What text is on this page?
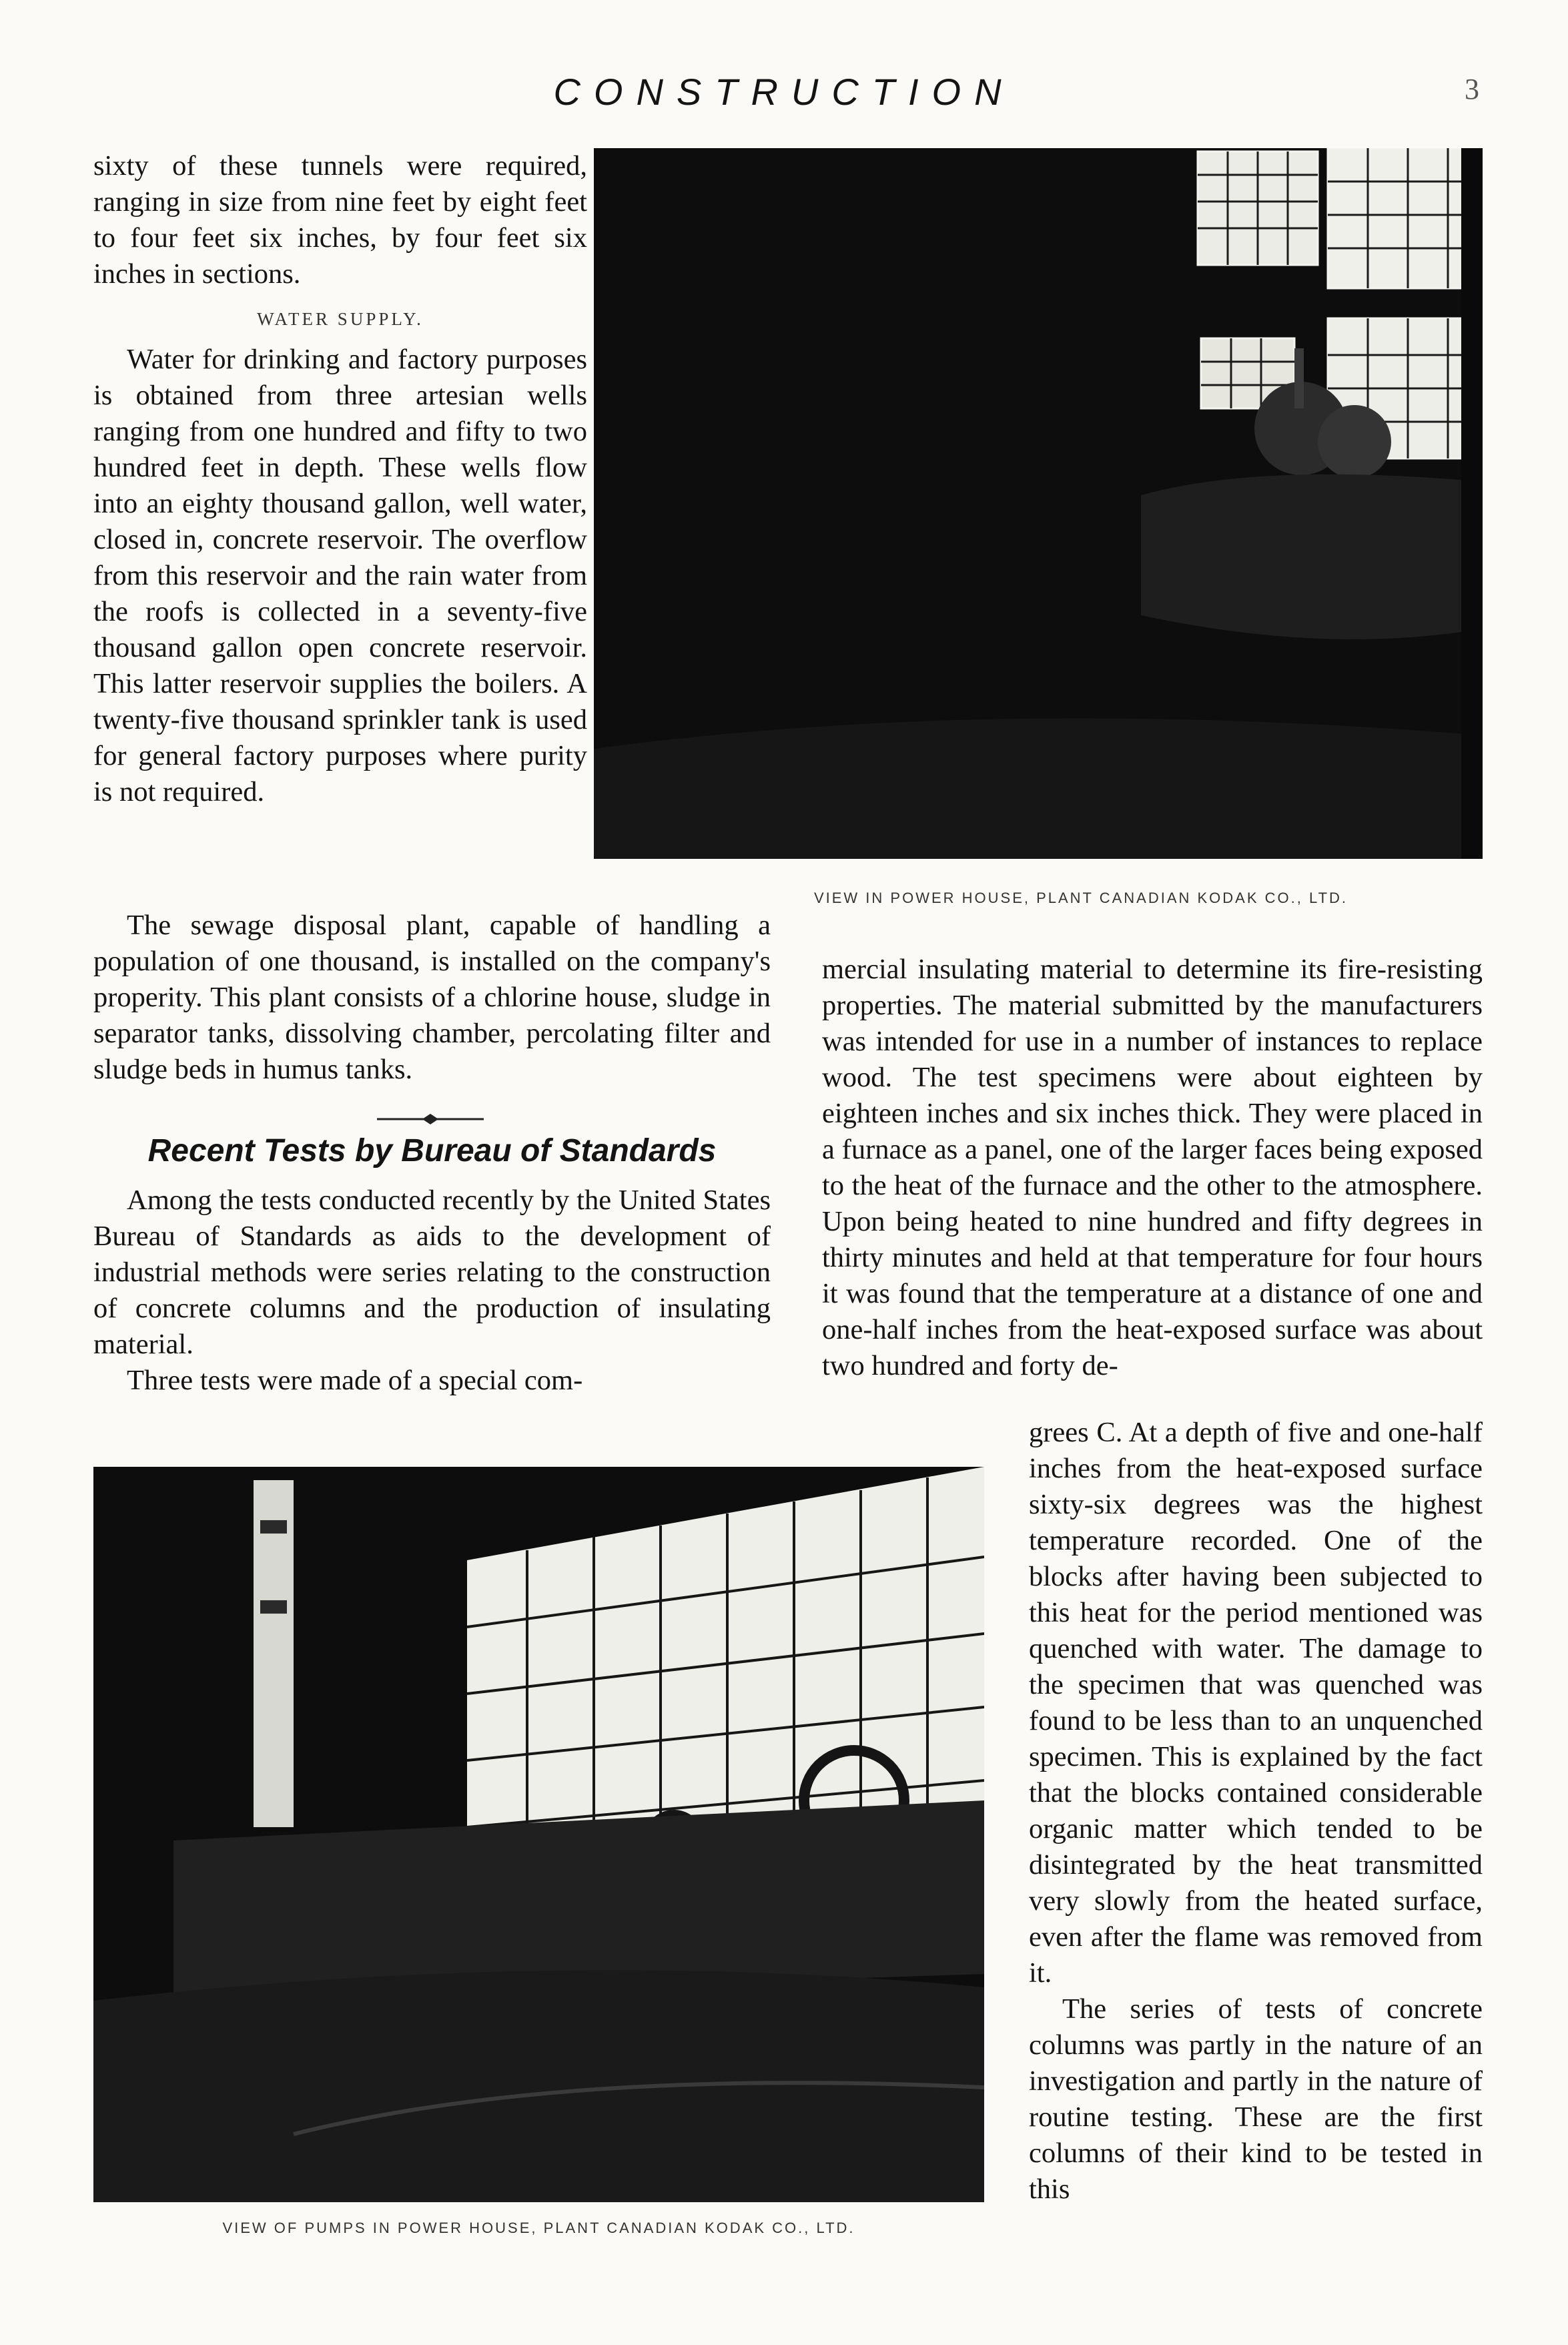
CONSTRUCTION	3

sixty of these tunnels were required, ranging in size from nine feet by eight feet to four feet six inches, by four feet six inches in sections.

WATER SUPPLY.

Water for drinking and factory purposes is obtained from three artesian wells ranging from one hundred and fifty to two hundred feet in depth. These wells flow into an eighty thousand gallon, well water, closed in, concrete reservoir. The overflow from this reservoir and the rain water from the roofs is collected in a seventy-five thousand gallon open concrete reservoir. This latter reservoir supplies the boilers. A twenty-five thousand sprinkler tank is used for general factory purposes where purity is not required.

VIEW IN POWER HOUSE, PLANT CANADIAN KODAK CO., LTD.

The sewage disposal plant, capable of handling a population of one thousand, is installed on the company's properity. This plant consists of a chlorine house, sludge in separator tanks, dissolving chamber, percolating filter and sludge beds in humus tanks.

Recent Tests by Bureau of Standards

Among the tests conducted recently by the United States Bureau of Standards as aids to the development of industrial methods were series relating to the construction of concrete columns and the production of insulating material.

Three tests were made of a special com-

mercial insulating material to determine its fire-resisting properties. The material submitted by the manufacturers was intended for use in a number of instances to replace wood. The test specimens were about eighteen by eighteen inches and six inches thick. They were placed in a furnace as a panel, one of the larger faces being exposed to the heat of the furnace and the other to the atmosphere. Upon being heated to nine hundred and fifty degrees in thirty minutes and held at that temperature for four hours it was found that the temperature at a distance of one and one-half inches from the heat-exposed surface was about two hundred and forty de-

grees C. At a depth of five and one-half inches from the heat-exposed surface sixty-six degrees was the highest temperature recorded. One of the blocks after having been subjected to this heat for the period mentioned was quenched with water. The damage to the specimen that was quenched was found to be less than to an unquenched specimen. This is explained by the fact that the blocks contained considerable organic matter which tended to be disintegrated by the heat transmitted very slowly from the heated surface, even after the flame was removed from it.

The series of tests of concrete columns was partly in the nature of an investigation and partly in the nature of routine testing. These are the first columns of their kind to be tested in this

VIEW OF PUMPS IN POWER HOUSE, PLANT CANADIAN KODAK CO., LTD.
